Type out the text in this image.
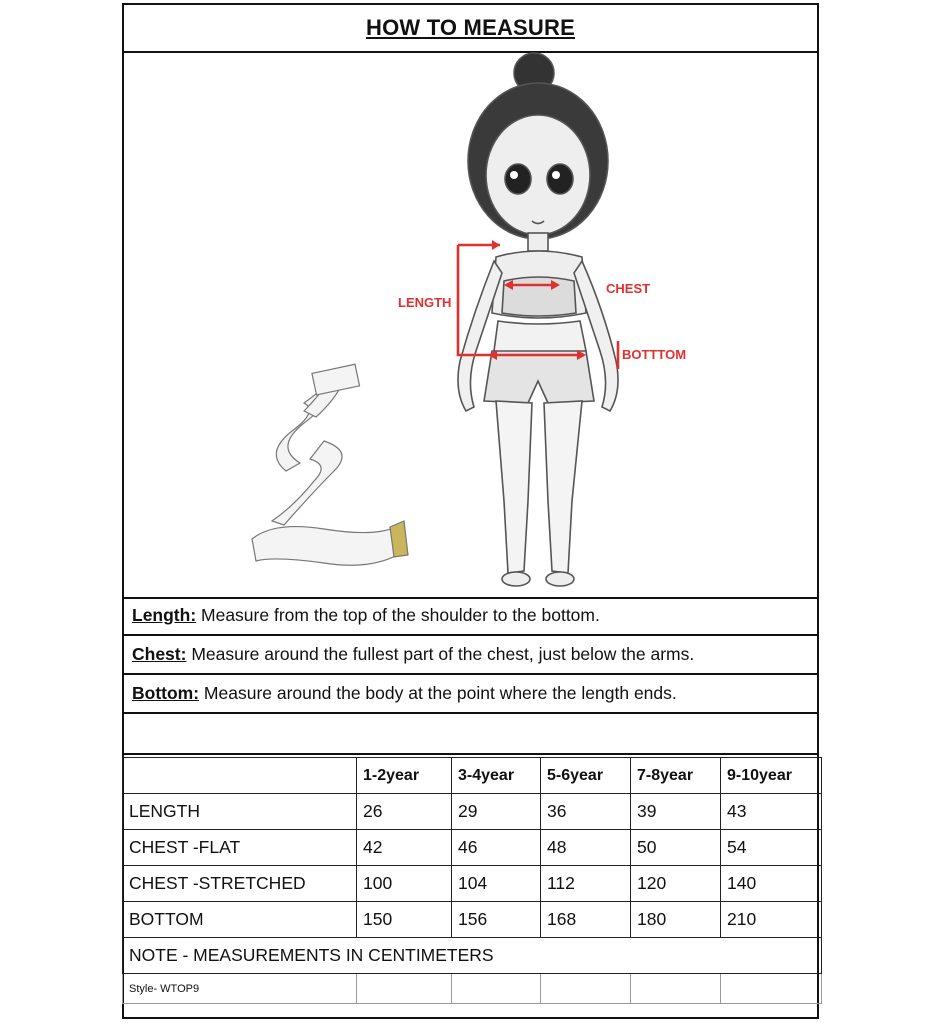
HOW TO MEASURE
LENGTH
CHEST
BOTTTOM
Length: Measure from the top of the shoulder to the bottom.
Chest: Measure around the fullest part of the chest, just below the arms.
Bottom: Measure around the body at the point where the length ends.
	1-2year	3-4year	5-6year	7-8year	9-10year
LENGTH	26	29	36	39	43
CHEST -FLAT	42	46	48	50	54
CHEST -STRETCHED	100	104	112	120	140
BOTTOM	150	156	168	180	210
NOTE - MEASUREMENTS IN CENTIMETERS					
Style- WTOP9					
